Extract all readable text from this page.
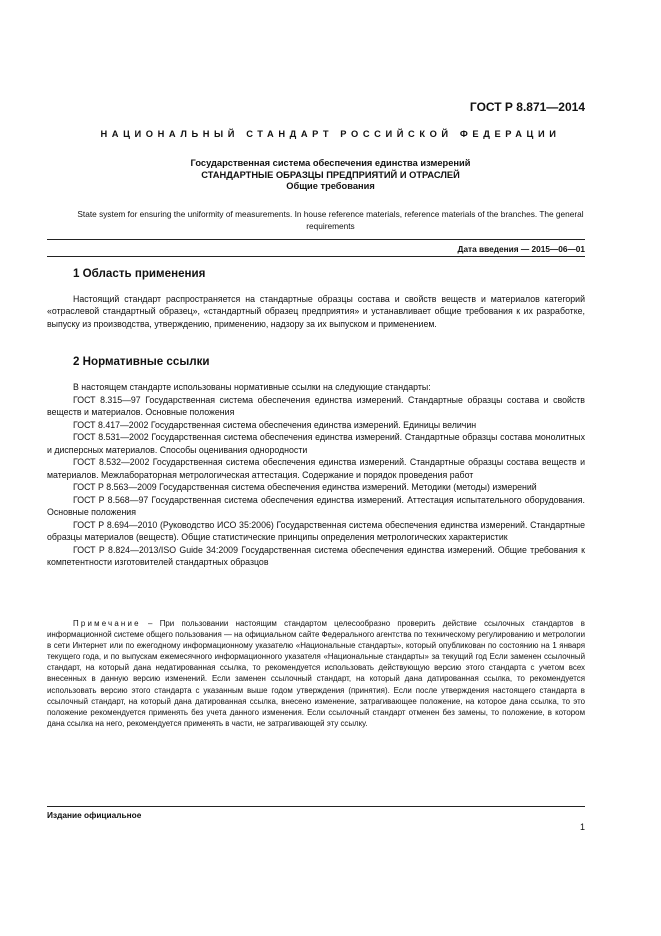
ГОСТ Р 8.871—2014
НАЦИОНАЛЬНЫЙ СТАНДАРТ РОССИЙСКОЙ ФЕДЕРАЦИИ
Государственная система обеспечения единства измерений
СТАНДАРТНЫЕ ОБРАЗЦЫ ПРЕДПРИЯТИЙ И ОТРАСЛЕЙ
Общие требования
State system for ensuring the uniformity of measurements. In house reference materials, reference materials of the branches. The general requirements
Дата введения — 2015—06—01
1 Область применения

Настоящий стандарт распространяется на стандартные образцы состава и свойств веществ и материалов категорий «отраслевой стандартный образец», «стандартный образец предприятия» и устанавливает общие требования к их разработке, выпуску из производства, утверждению, применению, надзору за их выпуском и применением.

2 Нормативные ссылки

В настоящем стандарте использованы нормативные ссылки на следующие стандарты:

ГОСТ 8.315—97 Государственная система обеспечения единства измерений. Стандартные образцы состава и свойств веществ и материалов. Основные положения

ГОСТ 8.417—2002 Государственная система обеспечения единства измерений. Единицы величин

ГОСТ 8.531—2002 Государственная система обеспечения единства измерений. Стандартные образцы состава монолитных и дисперсных материалов. Способы оценивания однородности

ГОСТ 8.532—2002 Государственная система обеспечения единства измерений. Стандартные образцы состава веществ и материалов. Межлабораторная метрологическая аттестация. Содержание и порядок проведения работ

ГОСТ Р 8.563—2009 Государственная система обеспечения единства измерений. Методики (методы) измерений

ГОСТ Р 8.568—97 Государственная система обеспечения единства измерений. Аттестация испытательного оборудования. Основные положения

ГОСТ Р 8.694—2010 (Руководство ИСО 35:2006) Государственная система обеспечения единства измерений. Стандартные образцы материалов (веществ). Общие статистические принципы определения метрологических характеристик

ГОСТ Р 8.824—2013/ISO Guide 34:2009 Государственная система обеспечения единства измерений. Общие требования к компетентности изготовителей стандартных образцов

Примечание – При пользовании настоящим стандартом целесообразно проверить действие ссылочных стандартов в информационной системе общего пользования — на официальном сайте Федерального агентства по техническому регулированию и метрологии в сети Интернет или по ежегодному информационному указателю «Национальные стандарты», который опубликован по состоянию на 1 января текущего года, и по выпускам ежемесячного информационного указателя «Национальные стандарты» за текущий год Если заменен ссылочный стандарт, на который дана недатированная ссылка, то рекомендуется использовать действующую версию этого стандарта с учетом всех внесенных в данную версию изменений. Если заменен ссылочный стандарт, на который дана датированная ссылка, то рекомендуется использовать версию этого стандарта с указанным выше годом утверждения (принятия). Если после утверждения настоящего стандарта в ссылочный стандарт, на который дана датированная ссылка, внесено изменение, затрагивающее положение, на которое дана ссылка, то это положение рекомендуется применять без учета данного изменения. Если ссылочный стандарт отменен без замены, то положение, в котором дана ссылка на него, рекомендуется применять в части, не затрагивающей эту ссылку.
Издание официальное
1
